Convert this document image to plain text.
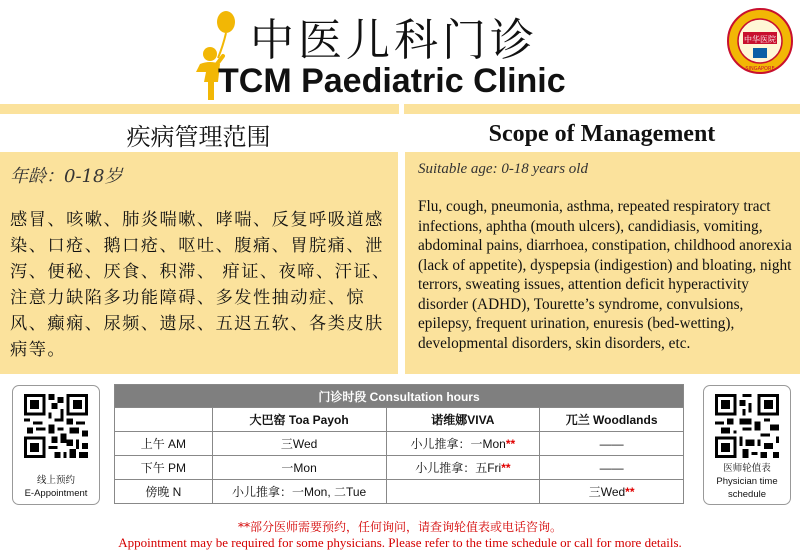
中医儿科门诊
TCM Paediatric Clinic
中华医院
SINGAPORE
疾病管理范围	Scope of Management
年龄：0-18岁
感冒、咳嗽、肺炎喘嗽、哮喘、反复呼吸道感染、口疮、鹅口疮、呕吐、腹痛、胃脘痛、泄泻、便秘、厌食、积滞、 疳证、夜啼、汗证、注意力缺陷多功能障碍、多发性抽动症、惊风、癫痫、尿频、遗尿、五迟五软、各类皮肤病等。
Suitable age: 0-18 years old
Flu, cough, pneumonia, asthma, repeated respiratory tract infections, aphtha (mouth ulcers), candidiasis, vomiting, abdominal pains, diarrhoea, constipation, childhood anorexia (lack of appetite), dyspepsia (indigestion) and bloating, night terrors, sweating issues, attention deficit hyperactivity disorder (ADHD), Tourette’s syndrome, convulsions, epilepsy, frequent urination, enuresis (bed-wetting), developmental disorders, skin disorders, etc.
线上预约
E-Appointment
医师轮值表
Physician time
schedule
门诊时段 Consultation hours			
	大巴窑 Toa Payoh	诺维娜VIVA	兀兰 Woodlands
上午 AM	三Wed	小儿推拿：一Mon**	——
下午 PM	一Mon	小儿推拿：五Fri**	——
傍晚 N	小儿推拿：一Mon, 二Tue		三Wed**
**部分医师需要预约，任何询问，请查询轮值表或电话咨询。
Appointment may be required for some physicians. Please refer to the time schedule or call for more details.
